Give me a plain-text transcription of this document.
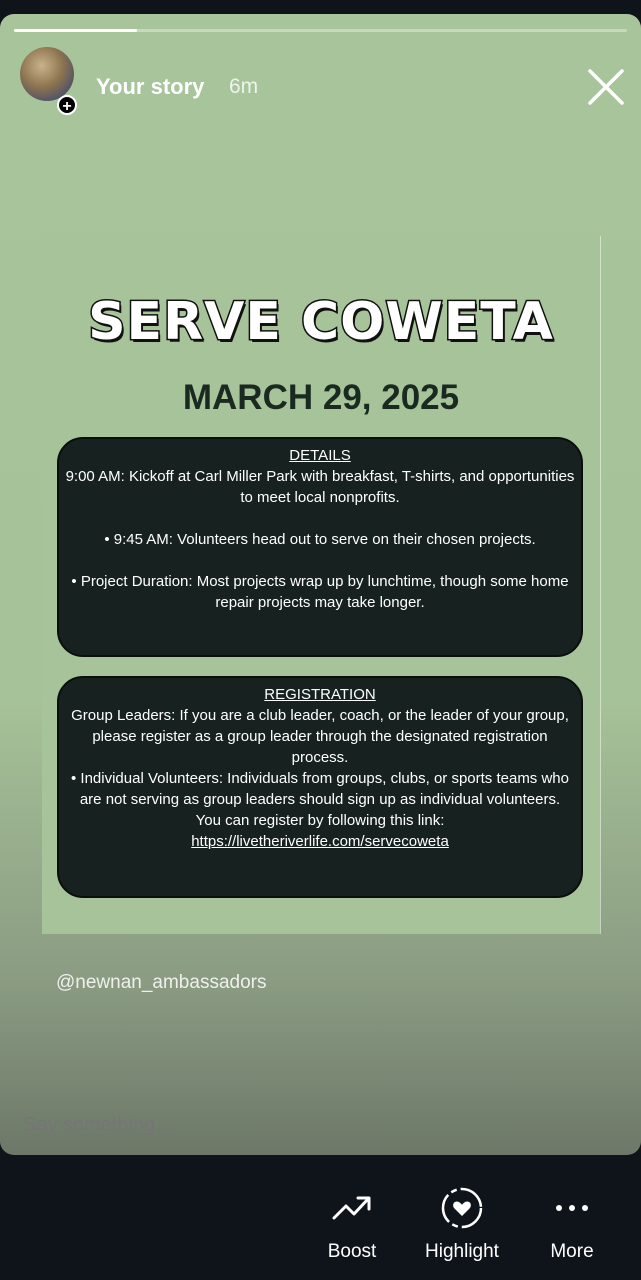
+
Your story 6m
SERVE COWETA
MARCH 29, 2025
DETAILS

9:00 AM: Kickoff at Carl Miller Park with breakfast, T-shirts, and opportunities to meet local nonprofits.

• 9:45 AM: Volunteers head out to serve on their chosen projects.

• Project Duration: Most projects wrap up by lunchtime, though some home repair projects may take longer.

REGISTRATION

Group Leaders: If you are a club leader, coach, or the leader of your group, please register as a group leader through the designated registration process.

• Individual Volunteers: Individuals from groups, clubs, or sports teams who are not serving as group leaders should sign up as individual volunteers.

You can register by following this link:

https://livetheriverlife.com/servecoweta

@newnan_ambassadors
Say something...
Boost	Highlight	More
